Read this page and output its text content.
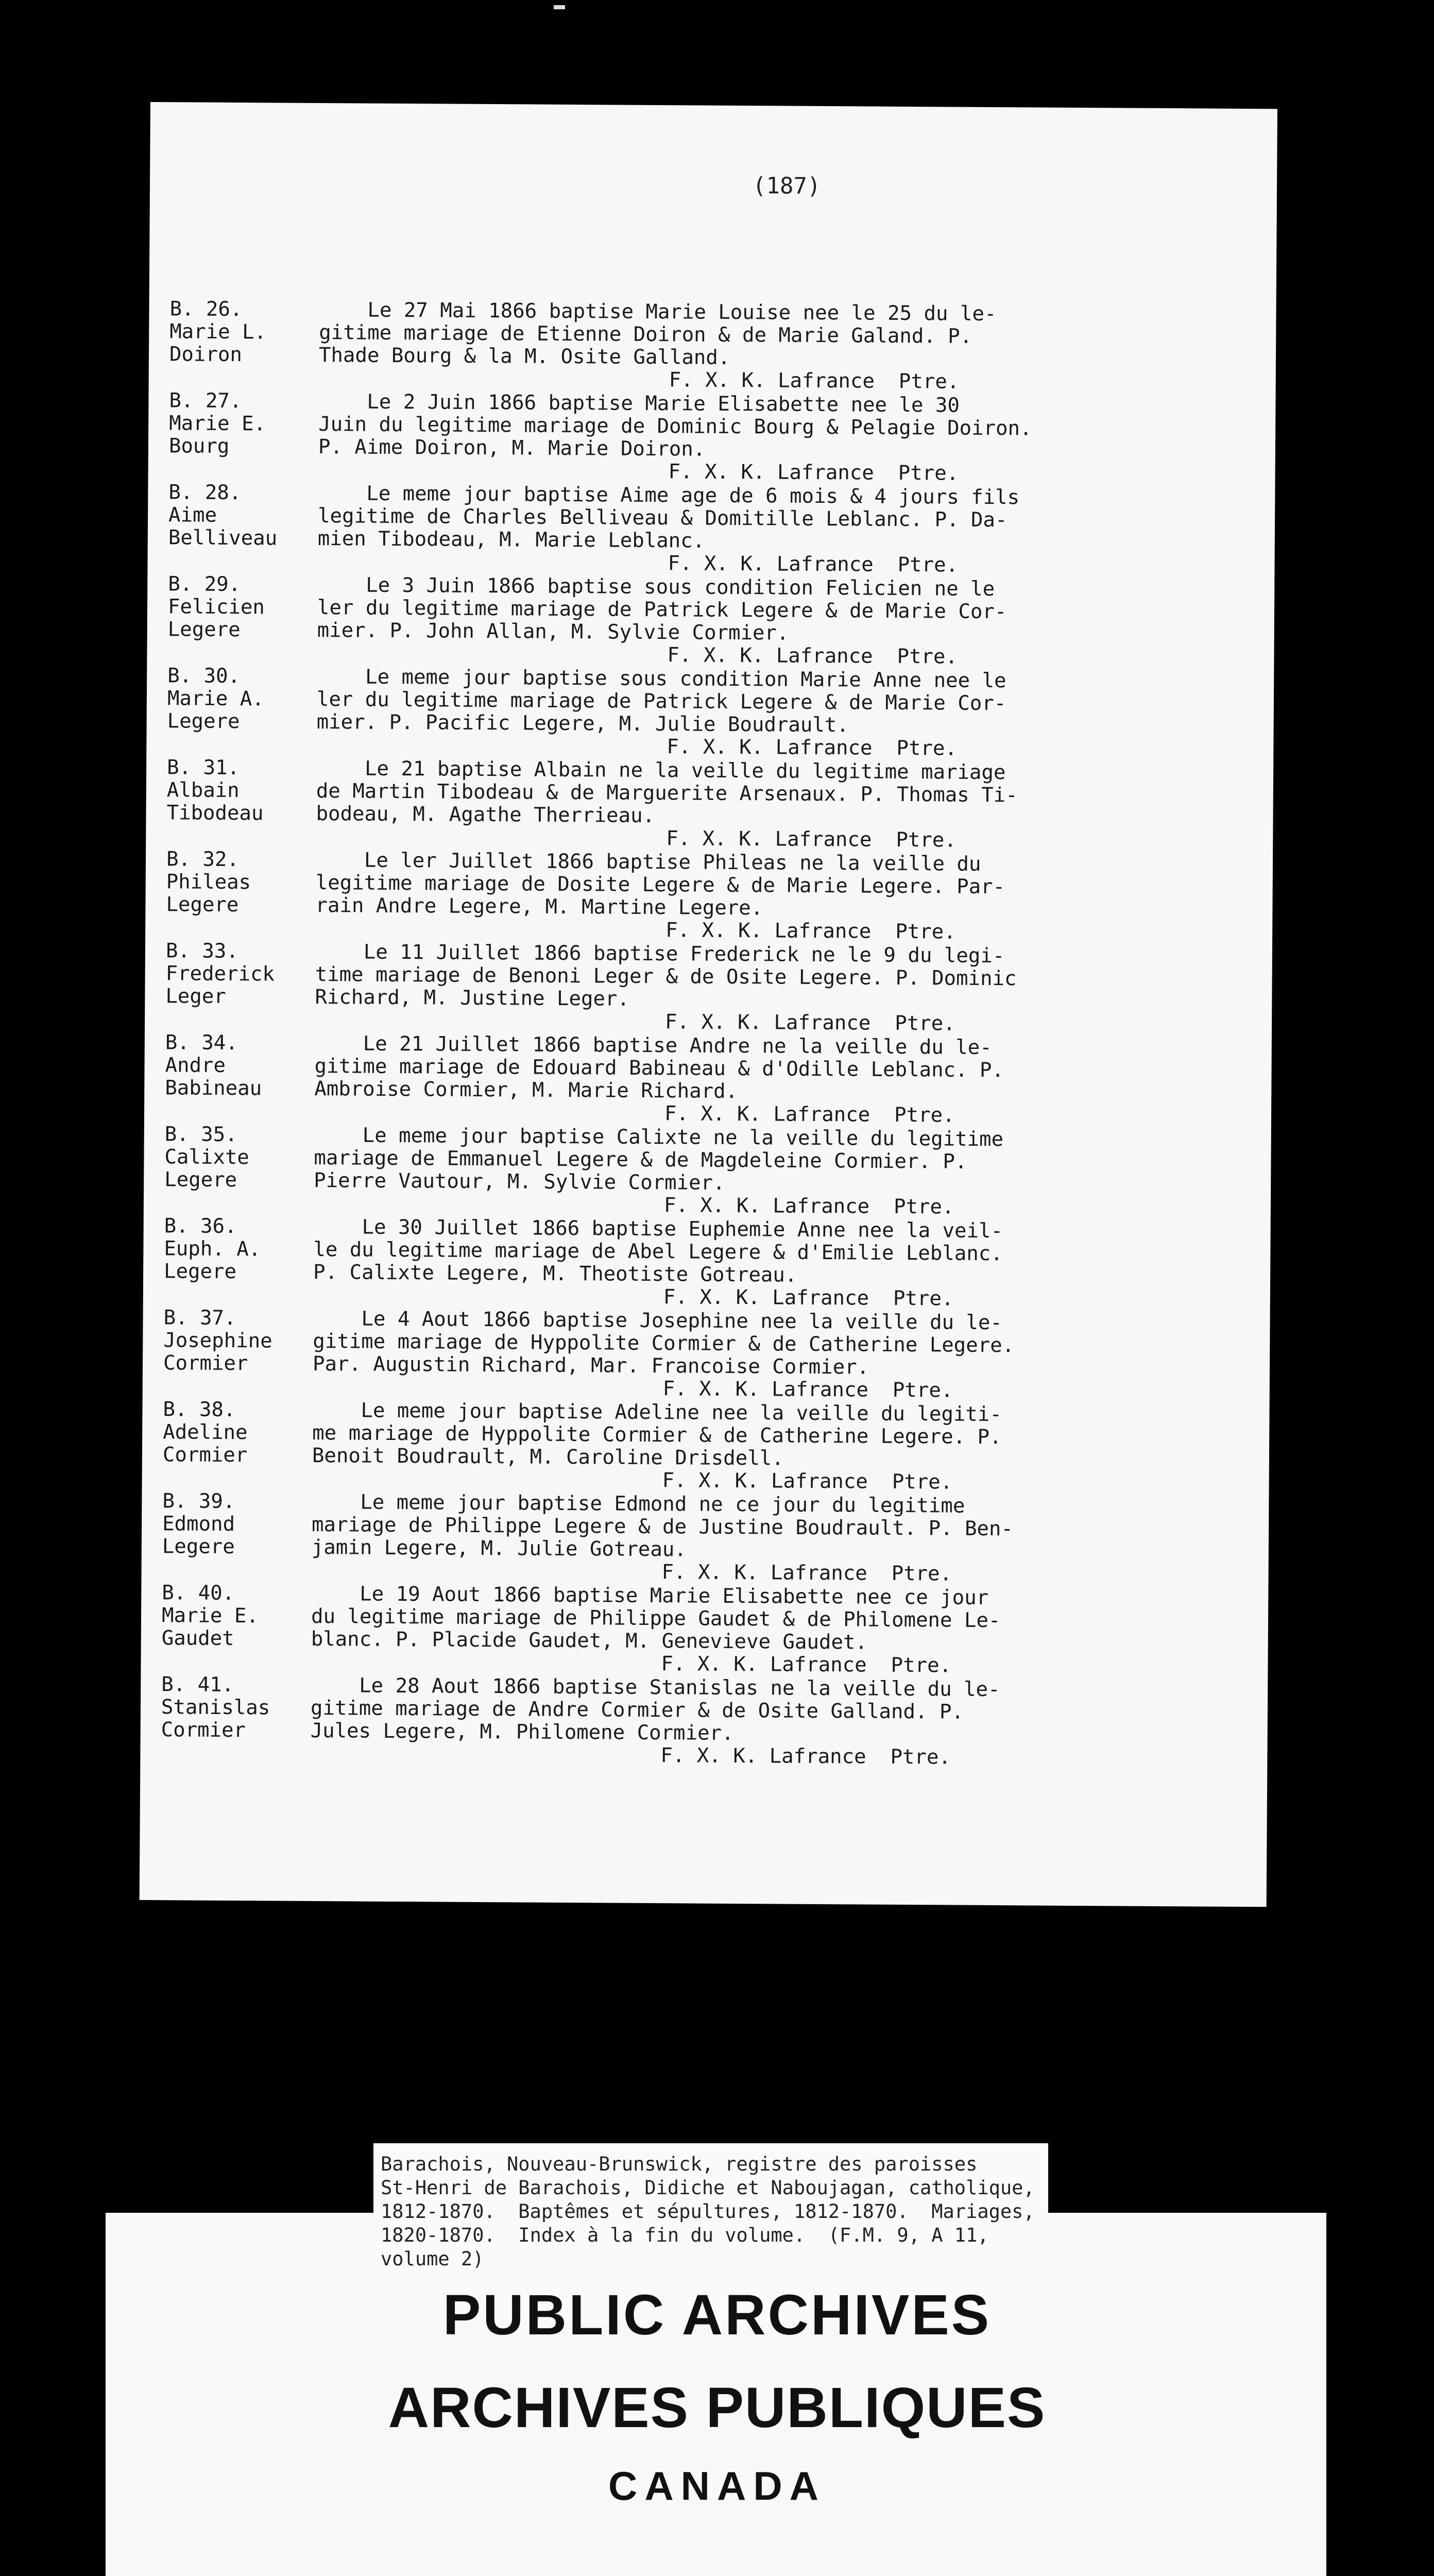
(187)
B. 26.
Marie L.
Doiron
Le 27 Mai 1866 baptise Marie Louise nee le 25 du le-
gitime mariage de Etienne Doiron & de Marie Galand. P.
Thade Bourg & la M. Osite Galland.
F. X. K. Lafrance  Ptre.
B. 27.
Marie E.
Bourg
Le 2 Juin 1866 baptise Marie Elisabette nee le 30
Juin du legitime mariage de Dominic Bourg & Pelagie Doiron.
P. Aime Doiron, M. Marie Doiron.
F. X. K. Lafrance  Ptre.
B. 28.
Aime
Belliveau
Le meme jour baptise Aime age de 6 mois & 4 jours fils
legitime de Charles Belliveau & Domitille Leblanc. P. Da-
mien Tibodeau, M. Marie Leblanc.
F. X. K. Lafrance  Ptre.
B. 29.
Felicien
Legere
Le 3 Juin 1866 baptise sous condition Felicien ne le
ler du legitime mariage de Patrick Legere & de Marie Cor-
mier. P. John Allan, M. Sylvie Cormier.
F. X. K. Lafrance  Ptre.
B. 30.
Marie A.
Legere
Le meme jour baptise sous condition Marie Anne nee le
ler du legitime mariage de Patrick Legere & de Marie Cor-
mier. P. Pacific Legere, M. Julie Boudrault.
F. X. K. Lafrance  Ptre.
B. 31.
Albain
Tibodeau
Le 21 baptise Albain ne la veille du legitime mariage
de Martin Tibodeau & de Marguerite Arsenaux. P. Thomas Ti-
bodeau, M. Agathe Therrieau.
F. X. K. Lafrance  Ptre.
B. 32.
Phileas
Legere
Le ler Juillet 1866 baptise Phileas ne la veille du
legitime mariage de Dosite Legere & de Marie Legere. Par-
rain Andre Legere, M. Martine Legere.
F. X. K. Lafrance  Ptre.
B. 33.
Frederick
Leger
Le 11 Juillet 1866 baptise Frederick ne le 9 du legi-
time mariage de Benoni Leger & de Osite Legere. P. Dominic
Richard, M. Justine Leger.
F. X. K. Lafrance  Ptre.
B. 34.
Andre
Babineau
Le 21 Juillet 1866 baptise Andre ne la veille du le-
gitime mariage de Edouard Babineau & d'Odille Leblanc. P.
Ambroise Cormier, M. Marie Richard.
F. X. K. Lafrance  Ptre.
B. 35.
Calixte
Legere
Le meme jour baptise Calixte ne la veille du legitime
mariage de Emmanuel Legere & de Magdeleine Cormier. P.
Pierre Vautour, M. Sylvie Cormier.
F. X. K. Lafrance  Ptre.
B. 36.
Euph. A.
Legere
Le 30 Juillet 1866 baptise Euphemie Anne nee la veil-
le du legitime mariage de Abel Legere & d'Emilie Leblanc.
P. Calixte Legere, M. Theotiste Gotreau.
F. X. K. Lafrance  Ptre.
B. 37.
Josephine
Cormier
Le 4 Aout 1866 baptise Josephine nee la veille du le-
gitime mariage de Hyppolite Cormier & de Catherine Legere.
Par. Augustin Richard, Mar. Francoise Cormier.
F. X. K. Lafrance  Ptre.
B. 38.
Adeline
Cormier
Le meme jour baptise Adeline nee la veille du legiti-
me mariage de Hyppolite Cormier & de Catherine Legere. P.
Benoit Boudrault, M. Caroline Drisdell.
F. X. K. Lafrance  Ptre.
B. 39.
Edmond
Legere
Le meme jour baptise Edmond ne ce jour du legitime
mariage de Philippe Legere & de Justine Boudrault. P. Ben-
jamin Legere, M. Julie Gotreau.
F. X. K. Lafrance  Ptre.
B. 40.
Marie E.
Gaudet
Le 19 Aout 1866 baptise Marie Elisabette nee ce jour
du legitime mariage de Philippe Gaudet & de Philomene Le-
blanc. P. Placide Gaudet, M. Genevieve Gaudet.
F. X. K. Lafrance  Ptre.
B. 41.
Stanislas
Cormier
Le 28 Aout 1866 baptise Stanislas ne la veille du le-
gitime mariage de Andre Cormier & de Osite Galland. P.
Jules Legere, M. Philomene Cormier.
F. X. K. Lafrance  Ptre.
Barachois, Nouveau-Brunswick, registre des paroisses
St-Henri de Barachois, Didiche et Naboujagan, catholique,
1812-1870.  Baptêmes et sépultures, 1812-1870.  Mariages,
1820-1870.  Index à la fin du volume.  (F.M. 9, A 11,
volume 2)
PUBLIC ARCHIVES
ARCHIVES PUBLIQUES
CANADA
